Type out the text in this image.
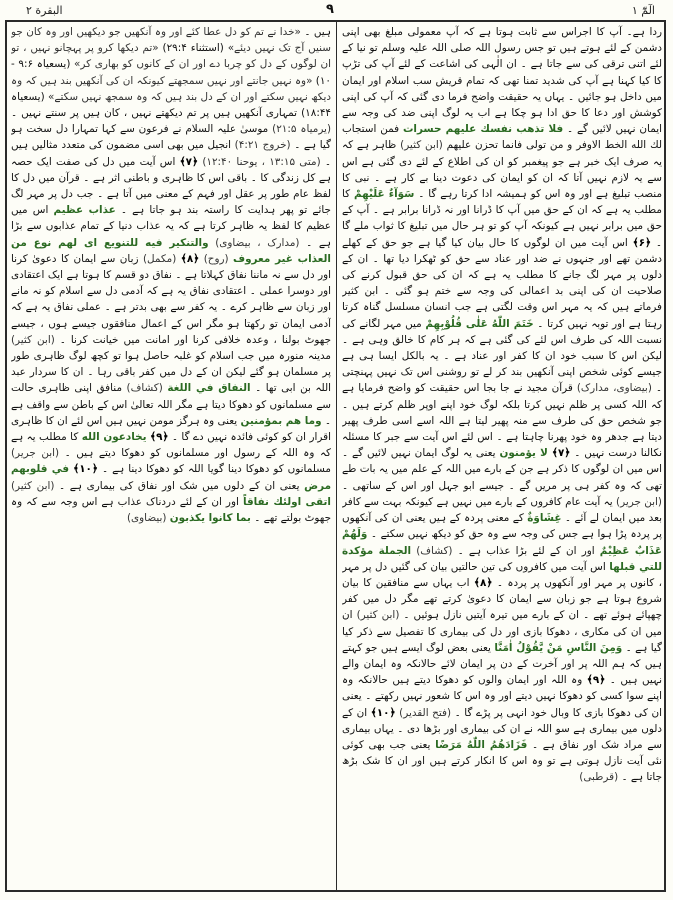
البقرة ٢	٩	الٓمّٓ ١

ردا ہے۔ آپ کا اجراس سے ثابت ہوتا ہے کہ آپ معمولی مبلغ بھی اپنی دشمن کے لئے ہوتے ہیں تو جس رسول اللہ صلی اللہ علیہ وسلم تو نیا کے لئے اتنی ترقی کی سے جاتا ہے ۔ ان الٰہی کی اشاعت کے لئے آپ کی تڑپ کا کیا کہنا ہے آپ کی شدید تمنا تھی کہ تمام قریش سب اسلام اور ایمان میں داخل ہو جائیں ۔ یہاں یہ حقیقت واضح فرما دی گئی کہ آپ کی اپنی کوشش اور دعا کا حق ادا ہو چکا ہے اب یہ لوگ اپنی ضد کی وجہ سے ایمان نہیں لائیں گے ۔ فلا تذهب نفسك عليهم حسرات فمن استجاب لك الله الخط الاوفر و من تولى فانما تحزن عليهم (ابن کثیر) ظاہر ہے کہ یہ صرف ایک خبر ہے جو پیغمبر کو ان کی اطلاع کے لئے دی گئی ہے اس سے یہ لازم نہیں آتا کہ ان کو ایمان کی دعوت دینا بے کار ہے ۔ نبی کا منصب تبلیغ ہے اور وہ اس کو ہمیشہ ادا کرتا رہے گا ۔ سَوَآءٌ عَلَيْهِمْ کا مطلب یہ ہے کہ ان کے حق میں آپ کا ڈرانا اور نہ ڈرانا برابر ہے ۔ آپ کے حق میں برابر نہیں ہے کیونکہ آپ کو تو ہر حال میں تبلیغ کا ثواب ملے گا ۔ ﴿۶﴾ اس آیت میں ان لوگوں کا حال بیان کیا گیا ہے جو حق کے کھلے دشمن تھے اور جنہوں نے ضد اور عناد سے حق کو ٹھکرا دیا تھا ۔ ان کے دلوں پر مہر لگ جانے کا مطلب یہ ہے کہ ان کی حق قبول کرنے کی صلاحیت ان کی اپنی بد اعمالی کی وجہ سے ختم ہو گئی ۔ ابن کثیر فرماتے ہیں کہ یہ مہر اس وقت لگتی ہے جب انسان مسلسل گناہ کرتا رہتا ہے اور توبہ نہیں کرتا ۔ خَتَمَ اللّٰهُ عَلٰى قُلُوْبِهِمْ میں مہر لگانے کی نسبت اللہ کی طرف اس لئے کی گئی ہے کہ ہر کام کا خالق وہی ہے ۔ لیکن اس کا سبب خود ان کا کفر اور عناد ہے ۔ یہ بالکل ایسا ہی ہے جیسے کوئی شخص اپنی آنکھیں بند کر لے تو روشنی اس تک نہیں پہنچتی ۔ (بیضاوی، مدارک) قرآن مجید نے جا بجا اس حقیقت کو واضح فرمایا ہے کہ اللہ کسی پر ظلم نہیں کرتا بلکہ لوگ خود اپنے اوپر ظلم کرتے ہیں ۔ جو شخص حق کی طرف سے منہ پھیر لیتا ہے اللہ اسے اسی طرف پھیر دیتا ہے جدھر وہ خود پھرنا چاہتا ہے ۔ اس لئے اس آیت سے جبر کا مسئلہ نکالنا درست نہیں ۔ ﴿۷﴾ لا يؤمنون یعنی یہ لوگ ایمان نہیں لائیں گے ۔ اس میں ان لوگوں کا ذکر ہے جن کے بارے میں اللہ کے علم میں یہ بات طے تھی کہ وہ کفر ہی پر مریں گے ۔ جیسے ابو جہل اور اس کے ساتھی ۔ (ابن جریر) یہ آیت عام کافروں کے بارے میں نہیں ہے کیونکہ بہت سے کافر بعد میں ایمان لے آئے ۔ غِشَاوَةٌ کے معنی پردہ کے ہیں یعنی ان کی آنکھوں پر پردہ پڑا ہوا ہے جس کی وجہ سے وہ حق کو دیکھ نہیں سکتے ۔ وَلَهُمْ عَذَابٌ عَظِيْمٌ اور ان کے لئے بڑا عذاب ہے ۔ (کشاف) الجملة مؤكدة للتي قبلها اس آیت میں کافروں کی تین حالتیں بیان کی گئیں دل پر مہر ، کانوں پر مہر اور آنکھوں پر پردہ ۔ ﴿۸﴾ اب یہاں سے منافقین کا بیان شروع ہوتا ہے جو زبان سے ایمان کا دعویٰ کرتے تھے مگر دل میں کفر چھپائے ہوئے تھے ۔ ان کے بارے میں تیرہ آیتیں نازل ہوئیں ۔ (ابن کثیر) ان میں ان کی مکاری ، دھوکا بازی اور دل کی بیماری کا تفصیل سے ذکر کیا گیا ہے ۔ وَمِنَ النَّاسِ مَنْ يَّقُوْلُ اٰمَنَّا یعنی بعض لوگ ایسے ہیں جو کہتے ہیں کہ ہم اللہ پر اور آخرت کے دن پر ایمان لائے حالانکہ وہ ایمان والے نہیں ہیں ۔ ﴿۹﴾ وہ اللہ اور ایمان والوں کو دھوکا دیتے ہیں حالانکہ وہ اپنے سوا کسی کو دھوکا نہیں دیتے اور وہ اس کا شعور نہیں رکھتے ۔ یعنی ان کی دھوکا بازی کا وبال خود انہی پر پڑے گا ۔ (فتح القدیر) ﴿۱۰﴾ ان کے دلوں میں بیماری ہے سو اللہ نے ان کی بیماری اور بڑھا دی ۔ یہاں بیماری سے مراد شک اور نفاق ہے ۔ فَزَادَهُمُ اللّٰهُ مَرَضًا یعنی جب بھی کوئی نئی آیت نازل ہوتی ہے تو وہ اس کا انکار کرتے ہیں اور ان کا شک بڑھ جاتا ہے ۔ (قرطبی)

ہیں ۔ «خدا نے تم کو دل عطا کئے اور وہ آنکھیں جو دیکھیں اور وہ کان جو سنیں آج تک نہیں دیئے» (استثناء ۲۹:۴) «تم دیکھا کرو پر پہچانو نہیں ، تو ان لوگوں کے دل کو چربا دے اور ان کے کانوں کو بھاری کر» (یسعیاہ ۹:۶ - ۱۰) «وہ نہیں جانتے اور نہیں سمجھتے کیونکہ ان کی آنکھیں بند ہیں کہ وہ دیکھ نہیں سکتے اور ان کے دل بند ہیں کہ وہ سمجھ نہیں سکتے» (یسعیاہ ۱۸:۴۴) تمہاری آنکھیں ہیں پر تم دیکھتے نہیں ، کان ہیں پر سنتے نہیں ۔ (یرمیاہ ۲۱:۵) موسیٰ علیہ السلام نے فرعون سے کہا تمہارا دل سخت ہو گیا ہے ۔ (خروج ۴:۲۱) انجیل میں بھی اسی مضمون کی متعدد مثالیں ہیں ۔ (متی ۱۳:۱۵ ، یوحنا ۱۲:۴۰) ﴿۷﴾ اس آیت میں دل کی صفت ایک حصہ ہے کل زندگی کا ۔ باقی اس کا ظاہری و باطنی اثر ہے ۔ قرآن میں دل کا لفظ عام طور پر عقل اور فہم کے معنی میں آتا ہے ۔ جب دل پر مہر لگ جائے تو پھر ہدایت کا راستہ بند ہو جاتا ہے ۔ عذاب عظيم اس میں عظیم کا لفظ یہ ظاہر کرتا ہے کہ یہ عذاب دنیا کے تمام عذابوں سے بڑا ہے ۔ (مدارک ، بیضاوی) والتنكير فيه للتنويع ای لهم نوع من العذاب غير معروف (روح) ﴿۸﴾ (مکمل) زبان سے ایمان کا دعویٰ کرنا اور دل سے نہ ماننا نفاق کہلاتا ہے ۔ نفاق دو قسم کا ہوتا ہے ایک اعتقادی اور دوسرا عملی ۔ اعتقادی نفاق یہ ہے کہ آدمی دل سے اسلام کو نہ مانے اور زبان سے ظاہر کرے ۔ یہ کفر سے بھی بدتر ہے ۔ عملی نفاق یہ ہے کہ آدمی ایمان تو رکھتا ہو مگر اس کے اعمال منافقوں جیسے ہوں ، جیسے جھوٹ بولنا ، وعدہ خلافی کرنا اور امانت میں خیانت کرنا ۔ (ابن کثیر) مدینہ منورہ میں جب اسلام کو غلبہ حاصل ہوا تو کچھ لوگ ظاہری طور پر مسلمان ہو گئے لیکن ان کے دل میں کفر باقی رہا ۔ ان کا سردار عبد اللہ بن ابی تھا ۔ النفاق في اللغة (کشاف) منافق اپنی ظاہری حالت سے مسلمانوں کو دھوکا دیتا ہے مگر اللہ تعالیٰ اس کے باطن سے واقف ہے ۔ وما هم بمؤمنين یعنی وہ ہرگز مومن نہیں ہیں اس لئے ان کا ظاہری اقرار ان کو کوئی فائدہ نہیں دے گا ۔ ﴿۹﴾ يخادعون الله کا مطلب یہ ہے کہ وہ اللہ کے رسول اور مسلمانوں کو دھوکا دیتے ہیں ۔ (ابن جریر) مسلمانوں کو دھوکا دینا گویا اللہ کو دھوکا دینا ہے ۔ ﴿۱۰﴾ في قلوبهم مرض یعنی ان کے دلوں میں شک اور نفاق کی بیماری ہے ۔ (ابن کثیر) اتقى اولئك نفاقاً اور ان کے لئے دردناک عذاب ہے اس وجہ سے کہ وہ جھوٹ بولتے تھے ۔ بما كانوا يكذبون (بیضاوی)
